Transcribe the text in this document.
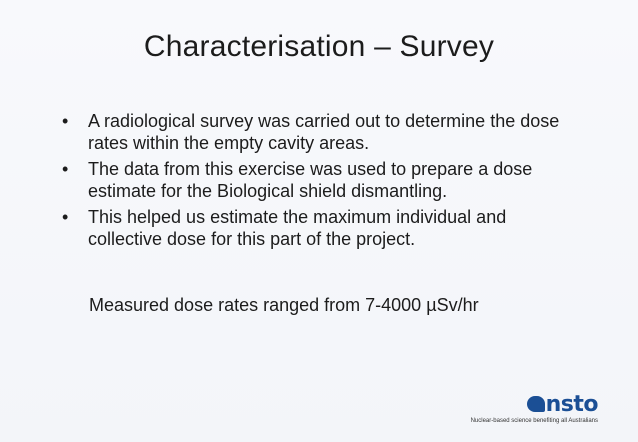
Characterisation – Survey
• A radiological survey was carried out to determine the dose rates within the empty cavity areas.
• The data from this exercise was used to prepare a dose estimate for the Biological shield dismantling.
• This helped us estimate the maximum individual and collective dose for this part of the project.
Measured dose rates ranged from 7-4000 µSv/hr
nsto
Nuclear-based science benefiting all Australians
